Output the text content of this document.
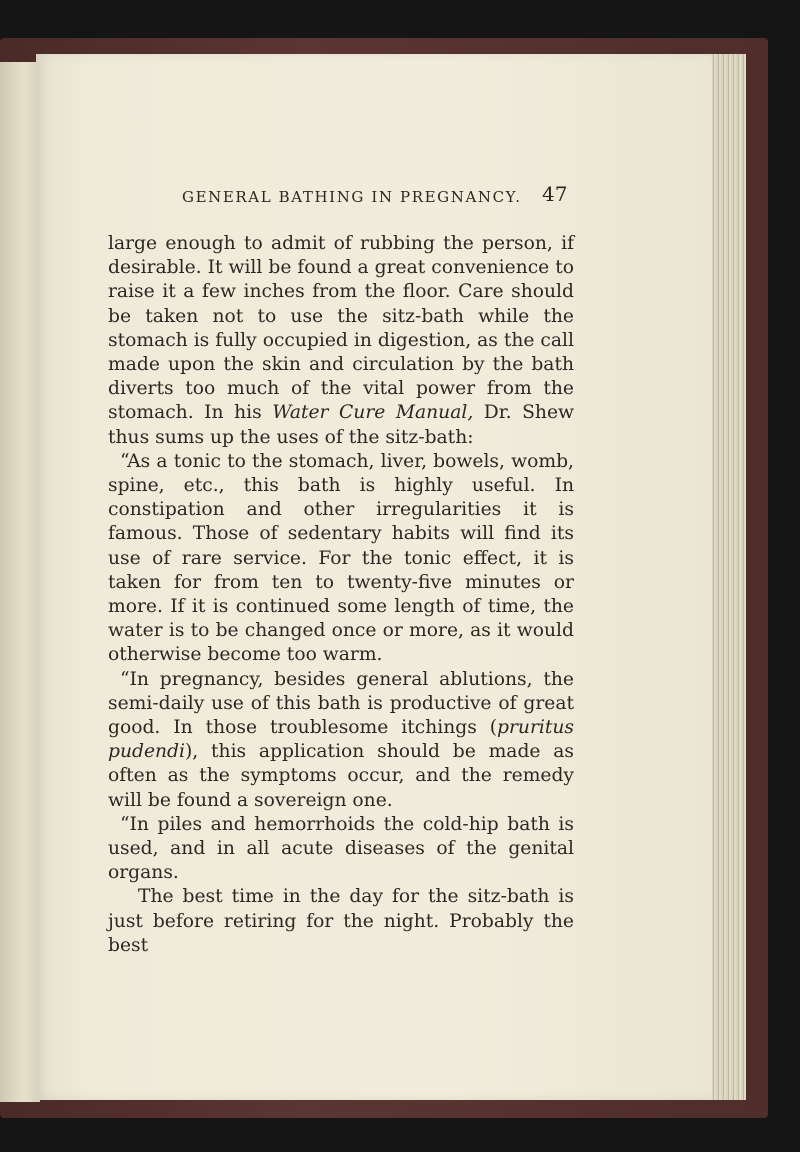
GENERAL BATHING IN PREGNANCY. 47

large enough to admit of rubbing the person, if desirable. It will be found a great convenience to raise it a few inches from the floor. Care should be taken not to use the sitz-bath while the stomach is fully occupied in digestion, as the call made upon the skin and circulation by the bath diverts too much of the vital power from the stomach. In his Water Cure Manual, Dr. Shew thus sums up the uses of the sitz-bath:

“As a tonic to the stomach, liver, bowels, womb, spine, etc., this bath is highly useful. In constipation and other irregularities it is famous. Those of sedentary habits will find its use of rare service. For the tonic effect, it is taken for from ten to twenty-five minutes or more. If it is continued some length of time, the water is to be changed once or more, as it would otherwise become too warm.

“In pregnancy, besides general ablutions, the semi-daily use of this bath is productive of great good. In those troublesome itchings (pruritus pudendi), this application should be made as often as the symptoms occur, and the remedy will be found a sovereign one.

“In piles and hemorrhoids the cold-hip bath is used, and in all acute diseases of the genital organs.

The best time in the day for the sitz-bath is just before retiring for the night. Probably the best
